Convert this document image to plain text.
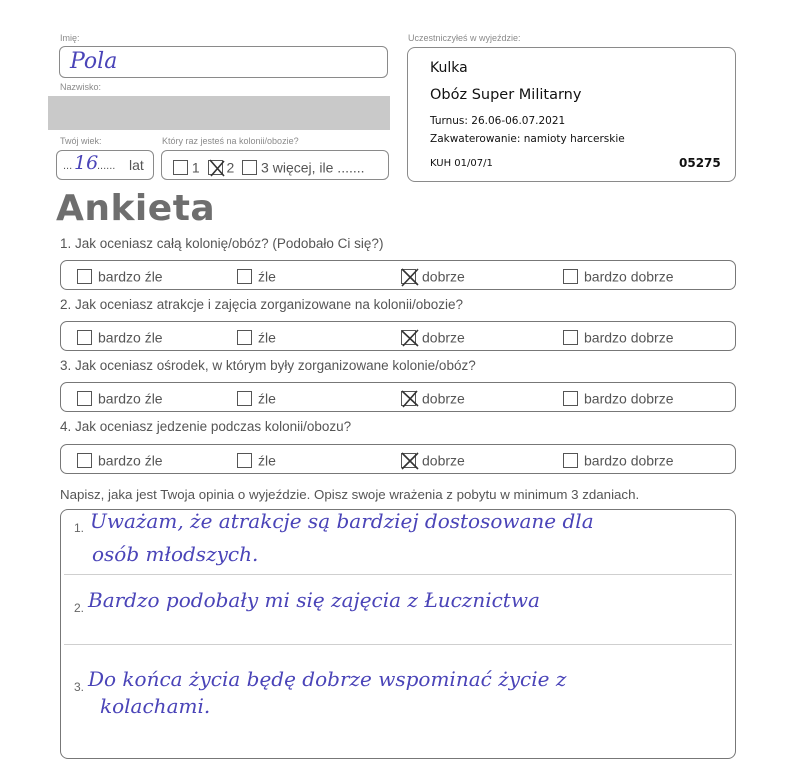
Imię:
Pola
Nazwisko:
Twój wiek:
... 16
...... lat
Który raz jesteś na kolonii/obozie?
1 2 3 więcej, ile .......
Uczestniczyłeś w wyjeździe:
Kulka
Obóz Super Militarny
Turnus: 26.06-06.07.2021
Zakwaterowanie: namioty harcerskie
KUH 01/07/1	05275
Ankieta
1. Jak oceniasz całą kolonię/obóz? (Podobało Ci się?)
bardzo źle	źle	dobrze	bardzo dobrze
2. Jak oceniasz atrakcje i zajęcia zorganizowane na kolonii/obozie?
bardzo źle	źle	dobrze	bardzo dobrze
3. Jak oceniasz ośrodek, w którym były zorganizowane kolonie/obóz?
bardzo źle	źle	dobrze	bardzo dobrze
4. Jak oceniasz jedzenie podczas kolonii/obozu?
bardzo źle	źle	dobrze	bardzo dobrze
Napisz, jaka jest Twoja opinia o wyjeździe. Opisz swoje wrażenia z pobytu w minimum 3 zdaniach.
1. Uważam, że atrakcje są bardziej dostosowane dla
osób młodszych.
2. Bardzo podobały mi się zajęcia z Łucznictwa
3. Do końca życia będę dobrze wspominać życie z
kolachami.
